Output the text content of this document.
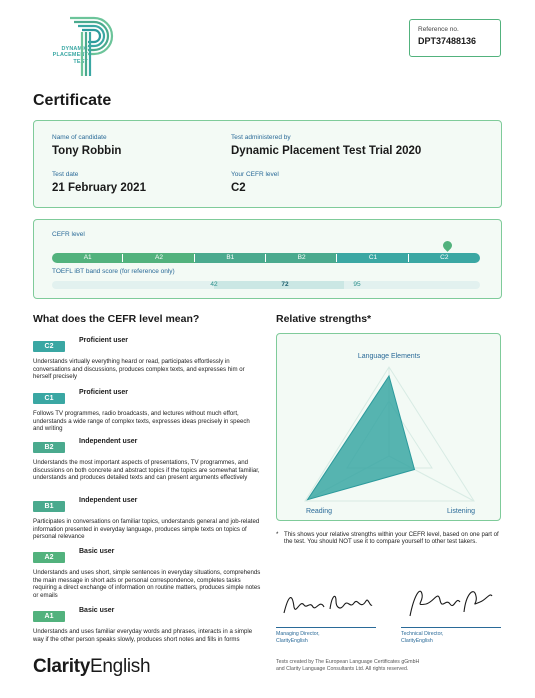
DYNAMIC
PLACEMENT
TEST
Reference no.
DPT37488136
Certificate
Name of candidate
Tony Robbin
Test administered by
Dynamic Placement Test Trial 2020
Test date
21 February 2021
Your CEFR level
C2
CEFR level
A1	A2	B1	B2	C1	C2
TOEFL iBT band score (for reference only)
42	72	95
What does the CEFR level mean?
C2Proficient user
Understands virtually everything heard or read, participates effortlessly in conversations and discussions, produces complex texts, and expresses him or herself precisely
C1Proficient user
Follows TV programmes, radio broadcasts, and lectures without much effort, understands a wide range of complex texts, expresses ideas precisely in speech and writing
B2Independent user
Understands the most important aspects of presentations, TV programmes, and discussions on both concrete and abstract topics if the topics are somewhat familiar, understands and produces detailed texts and can present arguments effectively
B1Independent user
Participates in conversations on familiar topics, understands general and job-related information presented in everyday language, produces simple texts on topics of personal relevance
A2Basic user
Understands and uses short, simple sentences in everyday situations, comprehends the main message in short ads or personal correspondence, completes tasks requiring a direct exchange of information on routine matters, produces simple notes or emails
A1Basic user
Understands and uses familiar everyday words and phrases, interacts in a simple way if the other person speaks slowly, produces short notes and fills in forms
Relative strengths*
Language Elements
Reading	Listening
* This shows your relative strengths within your CEFR level, based on one part of the test. You should NOT use it to compare yourself to other test takers.
Managing Director,
ClarityEnglish
Technical Director,
ClarityEnglish
ClarityEnglish	Tests created by The European Language Certificates gGmbH
and Clarity Language Consultants Ltd. All rights reserved.
